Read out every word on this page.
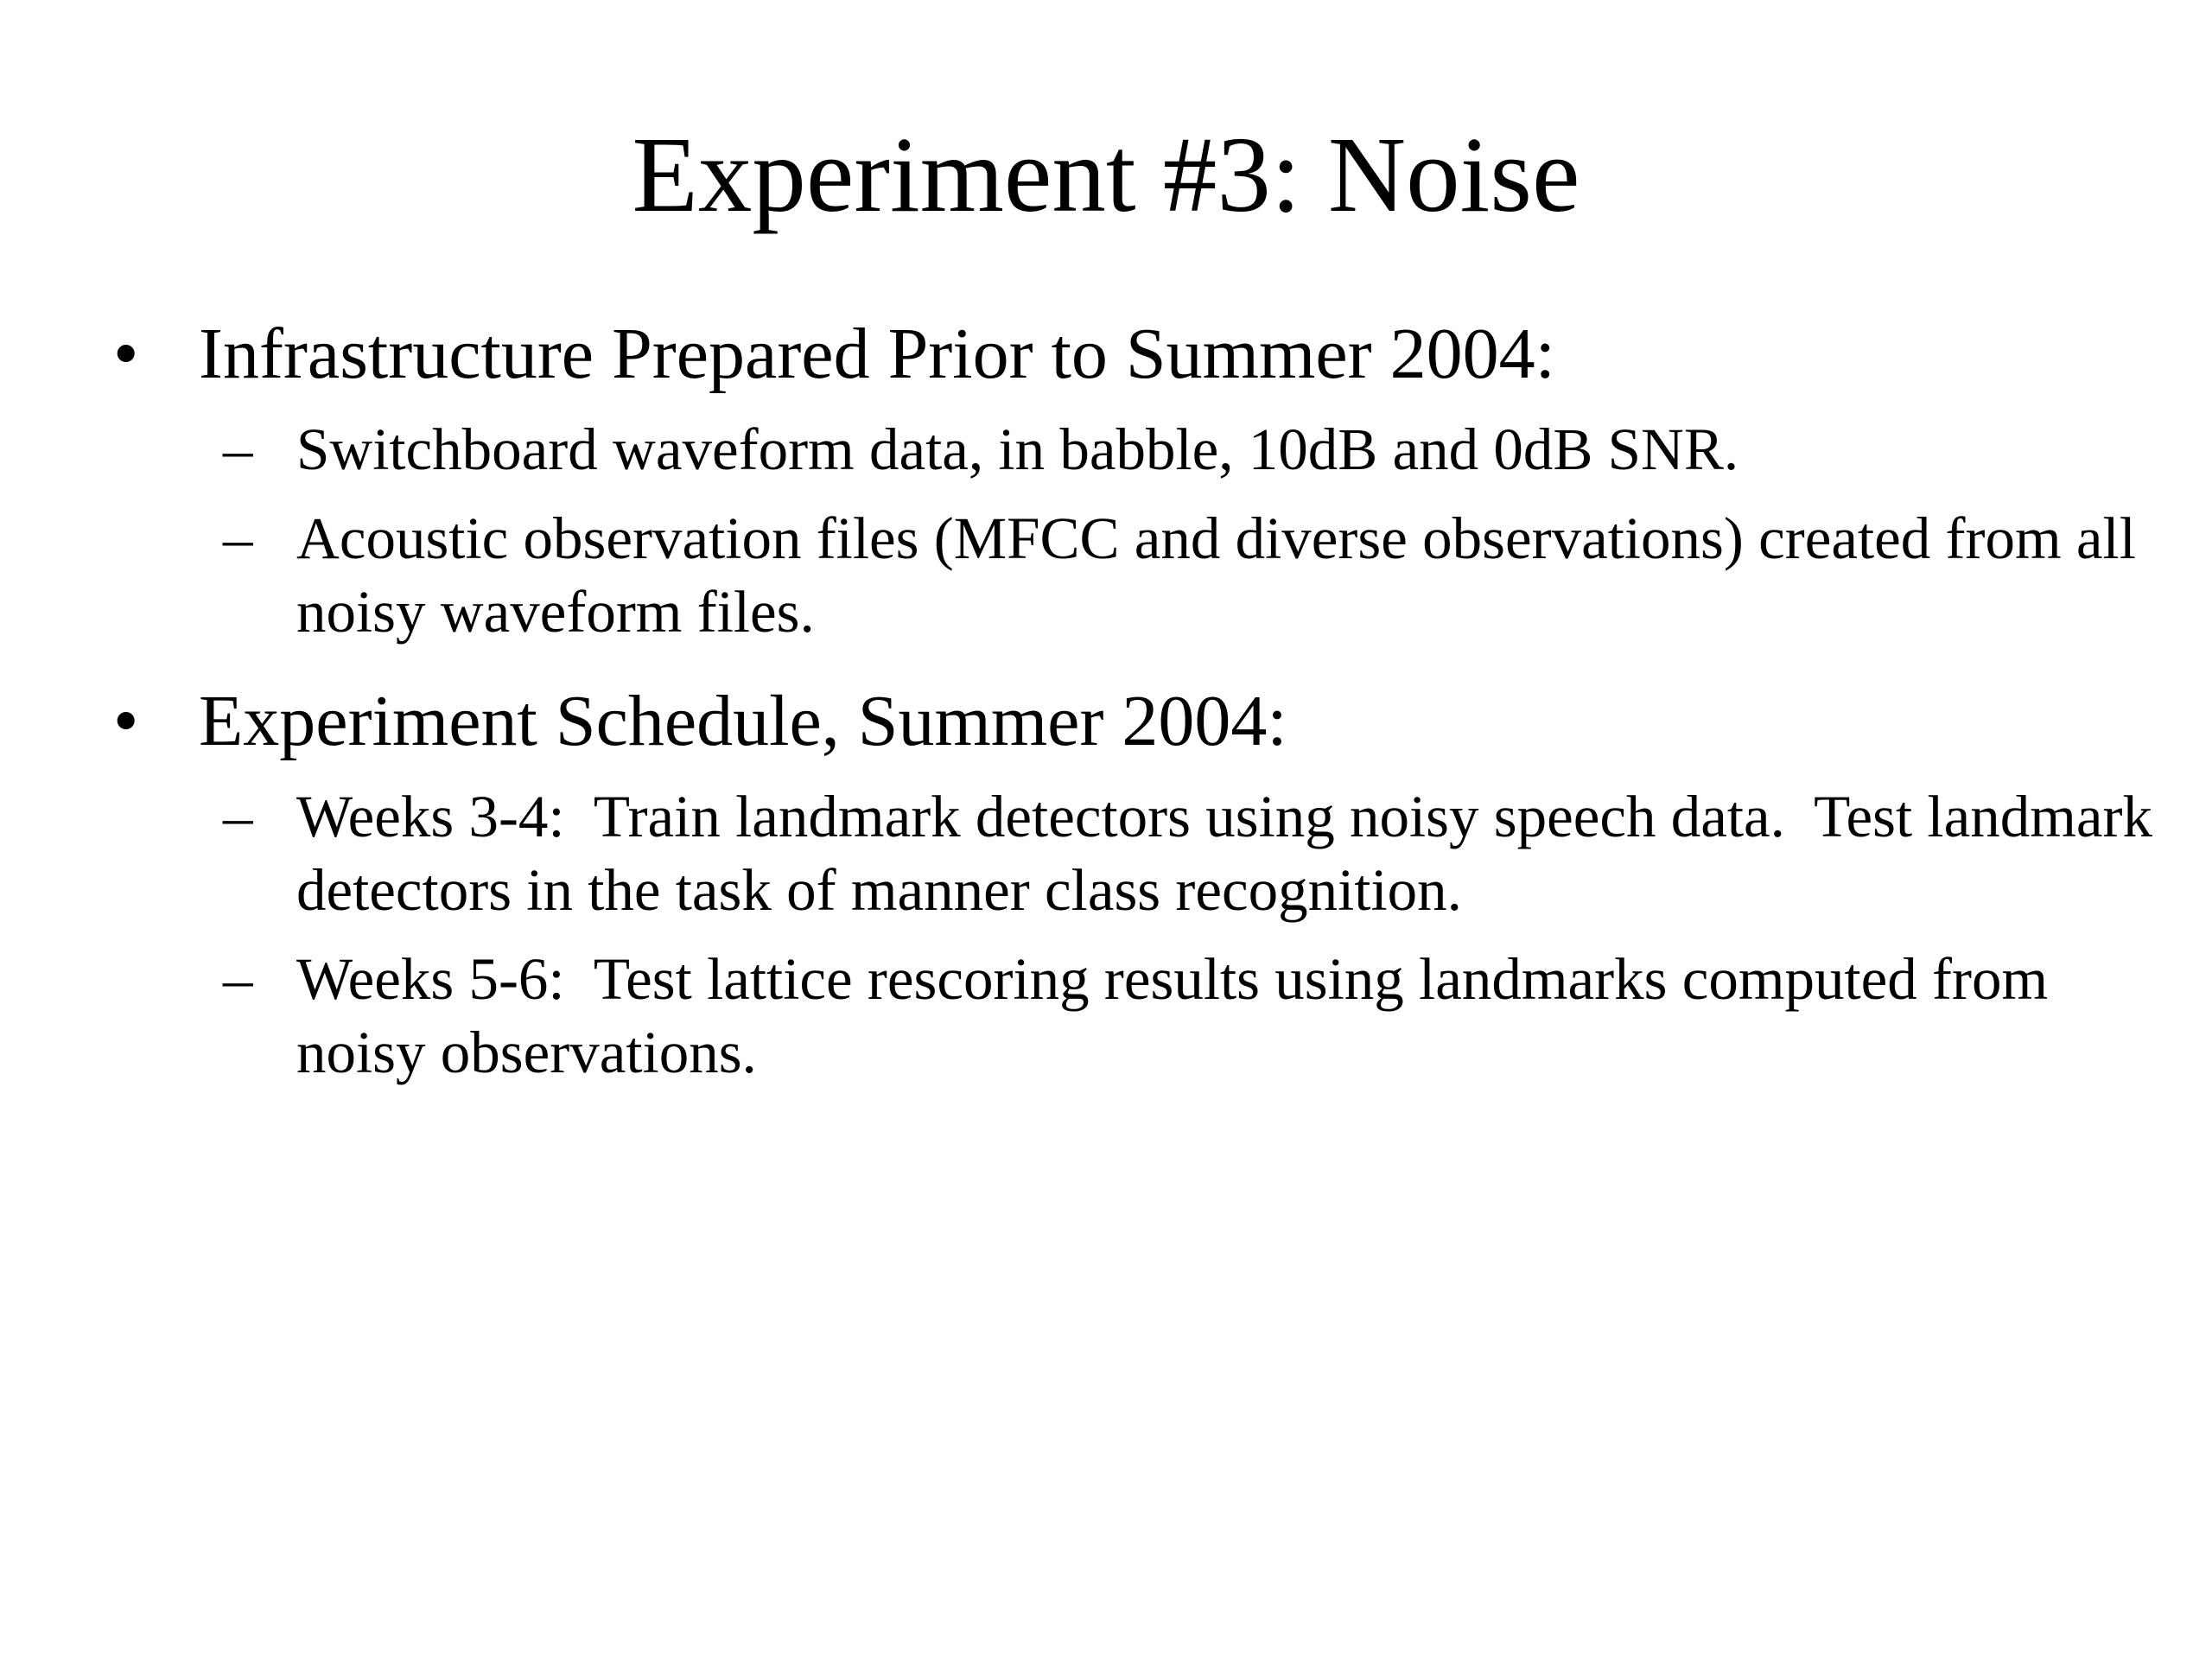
Experiment #3: Noise
• Infrastructure Prepared Prior to Summer 2004:
– Switchboard waveform data, in babble, 10dB and 0dB SNR.
– Acoustic observation files (MFCC and diverse observations) created from all noisy waveform files.
• Experiment Schedule, Summer 2004:
– Weeks 3-4:  Train landmark detectors using noisy speech data.  Test landmark detectors in the task of manner class recognition.
– Weeks 5-6:  Test lattice rescoring results using landmarks computed from noisy observations.
